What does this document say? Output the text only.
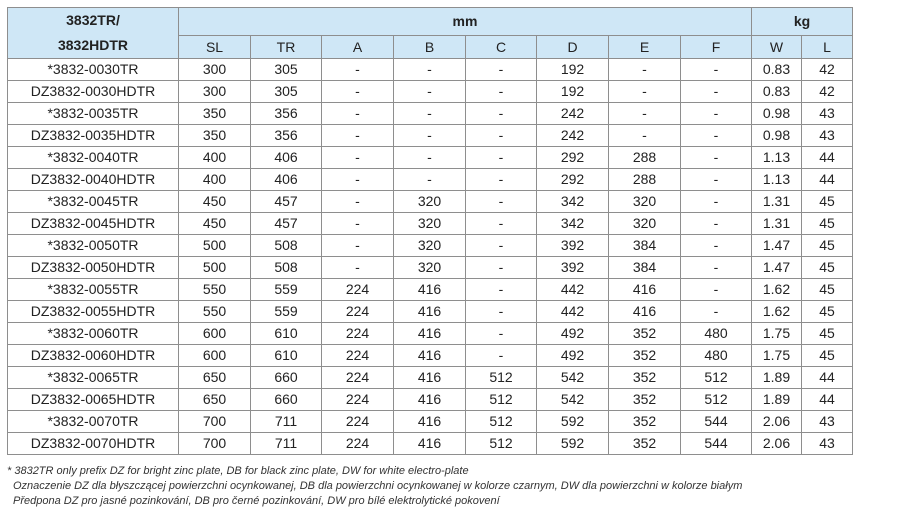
3832TR/
3832HDTR	mm								kg	
	SL	TR	A	B	C	D	E	F	W	L
*3832-0030TR	300	305	-	-	-	192	-	-	0.83	42
DZ3832-0030HDTR	300	305	-	-	-	192	-	-	0.83	42
*3832-0035TR	350	356	-	-	-	242	-	-	0.98	43
DZ3832-0035HDTR	350	356	-	-	-	242	-	-	0.98	43
*3832-0040TR	400	406	-	-	-	292	288	-	1.13	44
DZ3832-0040HDTR	400	406	-	-	-	292	288	-	1.13	44
*3832-0045TR	450	457	-	320	-	342	320	-	1.31	45
DZ3832-0045HDTR	450	457	-	320	-	342	320	-	1.31	45
*3832-0050TR	500	508	-	320	-	392	384	-	1.47	45
DZ3832-0050HDTR	500	508	-	320	-	392	384	-	1.47	45
*3832-0055TR	550	559	224	416	-	442	416	-	1.62	45
DZ3832-0055HDTR	550	559	224	416	-	442	416	-	1.62	45
*3832-0060TR	600	610	224	416	-	492	352	480	1.75	45
DZ3832-0060HDTR	600	610	224	416	-	492	352	480	1.75	45
*3832-0065TR	650	660	224	416	512	542	352	512	1.89	44
DZ3832-0065HDTR	650	660	224	416	512	542	352	512	1.89	44
*3832-0070TR	700	711	224	416	512	592	352	544	2.06	43
DZ3832-0070HDTR	700	711	224	416	512	592	352	544	2.06	43
* 3832TR only prefix DZ for bright zinc plate, DB for black zinc plate, DW for white electro-plate
Oznaczenie DZ dla błyszczącej powierzchni ocynkowanej, DB dla powierzchni ocynkowanej w kolorze czarnym, DW dla powierzchni w kolorze białym
Předpona DZ pro jasné pozinkování, DB pro černé pozinkování, DW pro bílé elektrolytické pokovení
